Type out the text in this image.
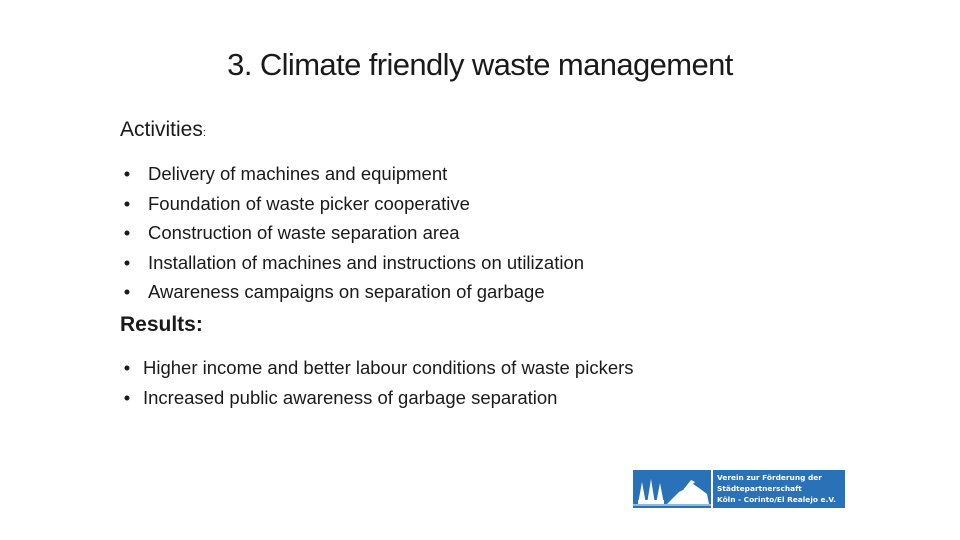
3. Climate friendly waste management
Activities:
• Delivery of machines and equipment
• Foundation of waste picker cooperative
• Construction of waste separation area
• Installation of machines and instructions on utilization
• Awareness campaigns on separation of garbage
Results:
• Higher income and better labour conditions of waste pickers
• Increased public awareness of garbage separation
Verein zur Förderung der
Städtepartnerschaft
Köln - Corinto/El Realejo e.V.
